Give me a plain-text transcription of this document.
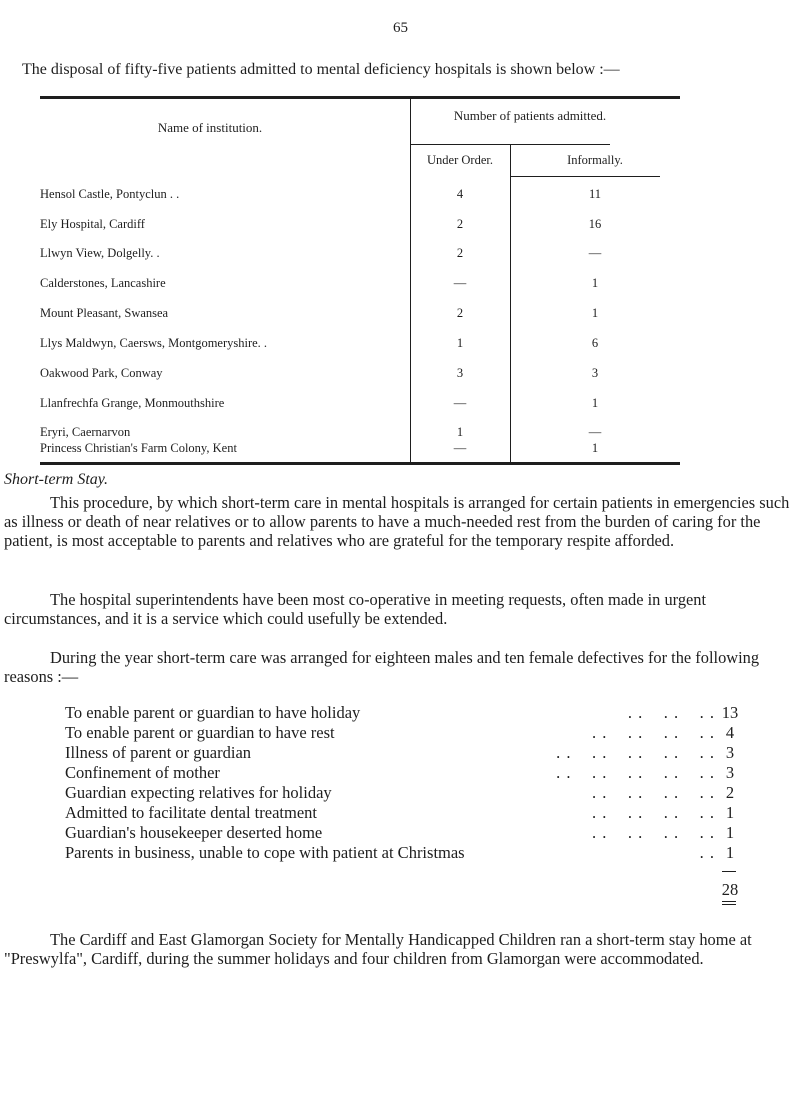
65
The disposal of fifty-five patients admitted to mental deficiency hospitals is shown below :—
Name of institution.
Number of patients admitted.
Under Order.	Informally.
Hensol Castle, Pontyclun . .	4	11
Ely Hospital, Cardiff	2	16
Llwyn View, Dolgelly. .	2	—
Calderstones, Lancashire	—	1
Mount Pleasant, Swansea	2	1
Llys Maldwyn, Caersws, Montgomeryshire. .	1	6
Oakwood Park, Conway	3	3
Llanfrechfa Grange, Monmouthshire	—	1
Eryri, Caernarvon	1	—
Princess Christian's Farm Colony, Kent	—	1
Short-term Stay.

This procedure, by which short-term care in mental hospitals is arranged for certain patients in emergencies such as illness or death of near relatives or to allow parents to have a much-needed rest from the burden of caring for the patient, is most acceptable to parents and relatives who are grateful for the temporary respite afforded.

The hospital superintendents have been most co-operative in meeting requests, often made in urgent circumstances, and it is a service which could usefully be extended.

During the year short-term care was arranged for eighteen males and ten female defectives for the following reasons :—

To enable parent or guardian to have holiday	. .    . .    . . 13
To enable parent or guardian to have rest	. .    . .    . .    . . 4
Illness of parent or guardian	. .    . .    . .    . .    . . 3
Confinement of mother	. .    . .    . .    . .    . . 3
Guardian expecting relatives for holiday	. .    . .    . .    . . 2
Admitted to facilitate dental treatment	. .    . .    . .    . . 1
Guardian's housekeeper deserted home	. .    . .    . .    . . 1
Parents in business, unable to cope with patient at Christmas	. . 1
28

The Cardiff and East Glamorgan Society for Mentally Handicapped Children ran a short-term stay home at "Preswylfa", Cardiff, during the summer holidays and four children from Glamorgan were accommodated.
